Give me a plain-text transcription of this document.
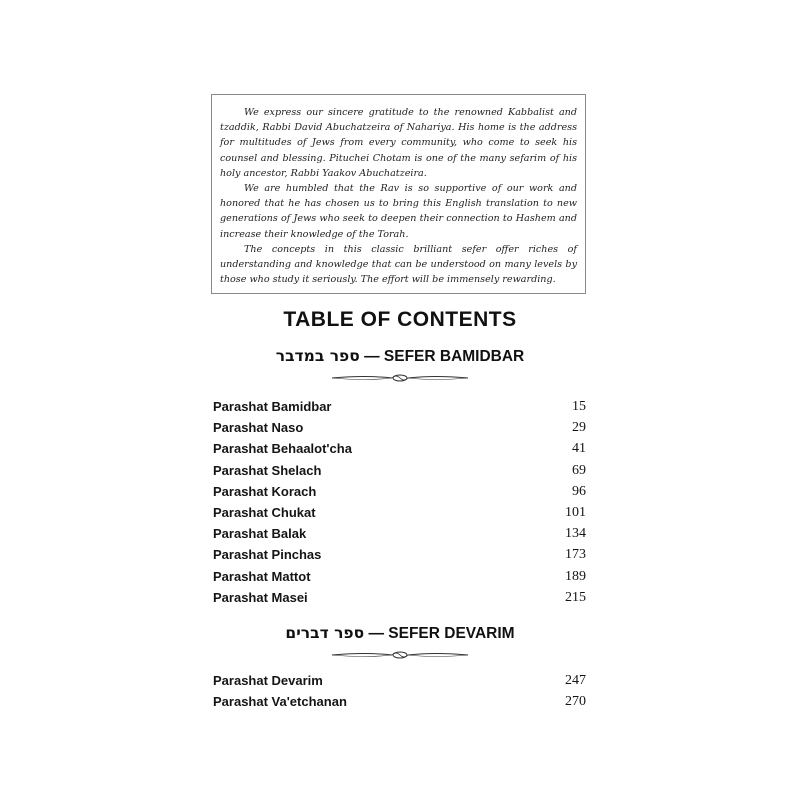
We express our sincere gratitude to the renowned Kabbalist and tzaddik, Rabbi David Abuchatzeira of Nahariya. His home is the address for multitudes of Jews from every community, who come to seek his counsel and blessing. Pituchei Chotam is one of the many sefarim of his holy ancestor, Rabbi Yaakov Abuchatzeira.

We are humbled that the Rav is so supportive of our work and honored that he has chosen us to bring this English translation to new generations of Jews who seek to deepen their connection to Hashem and increase their knowledge of the Torah.

The concepts in this classic brilliant sefer offer riches of understanding and knowledge that can be understood on many levels by those who study it seriously. The effort will be immensely rewarding.

TABLE OF CONTENTS
ספר במדבר — SEFER BAMIDBAR
Parashat Bamidbar	15
Parashat Naso	29
Parashat Behaalot'cha	41
Parashat Shelach	69
Parashat Korach	96
Parashat Chukat	101
Parashat Balak	134
Parashat Pinchas	173
Parashat Mattot	189
Parashat Masei	215
ספר דברים — SEFER DEVARIM
Parashat Devarim	247
Parashat Va'etchanan	270
